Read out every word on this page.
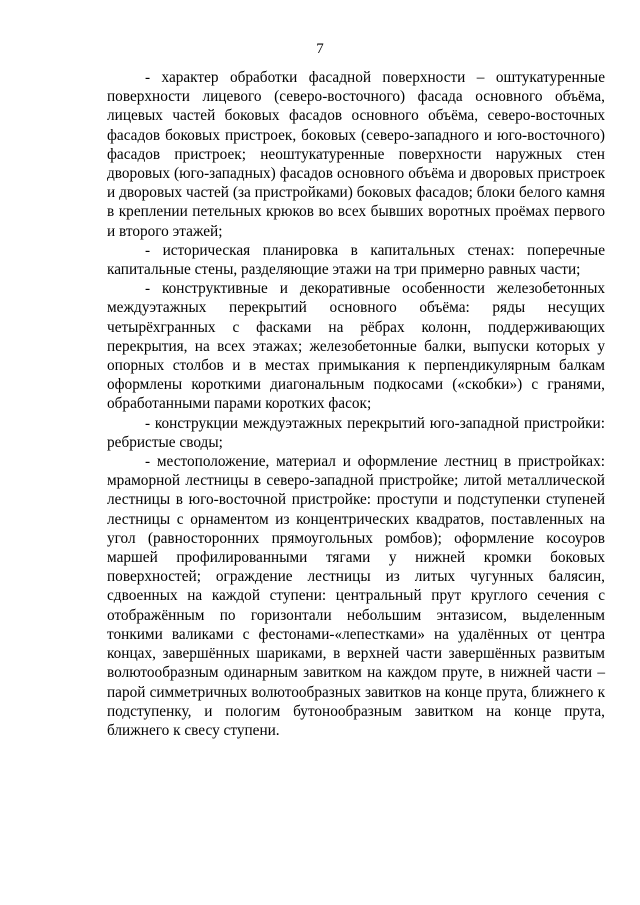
7

- характер обработки фасадной поверхности – оштукатуренные поверхности лицевого (северо-восточного) фасада основного объёма, лицевых частей боковых фасадов основного объёма, северо-восточных фасадов боковых пристроек, боковых (северо-западного и юго-восточного) фасадов пристроек; неоштукатуренные поверхности наружных стен дворовых (юго-западных) фасадов основного объёма и дворовых пристроек и дворовых частей (за пристройками) боковых фасадов; блоки белого камня в креплении петельных крюков во всех бывших воротных проёмах первого и второго этажей;

- историческая планировка в капитальных стенах: поперечные капитальные стены, разделяющие этажи на три примерно равных части;

- конструктивные и декоративные особенности железобетонных междуэтажных перекрытий основного объёма: ряды несущих четырёхгранных с фасками на рёбрах колонн, поддерживающих перекрытия, на всех этажах; железобетонные балки, выпуски которых у опорных столбов и в местах примыкания к перпендикулярным балкам оформлены короткими диагональным подкосами («скобки») с гранями, обработанными парами коротких фасок;

- конструкции междуэтажных перекрытий юго-западной пристройки: ребристые своды;

- местоположение, материал и оформление лестниц в пристройках: мраморной лестницы в северо-западной пристройке; литой металлической лестницы в юго-восточной пристройке: проступи и подступенки ступеней лестницы с орнаментом из концентрических квадратов, поставленных на угол (равносторонних прямоугольных ромбов); оформление косоуров маршей профилированными тягами у нижней кромки боковых поверхностей; ограждение лестницы из литых чугунных балясин, сдвоенных на каждой ступени: центральный прут круглого сечения с отображённым по горизонтали небольшим энтазисом, выделенным тонкими валиками с фестонами-«лепестками» на удалённых от центра концах, завершённых шариками, в верхней части завершённых развитым волютообразным одинарным завитком на каждом пруте, в нижней части – парой симметричных волютообразных завитков на конце прута, ближнего к подступенку, и пологим бутонообразным завитком на конце прута, ближнего к свесу ступени.
